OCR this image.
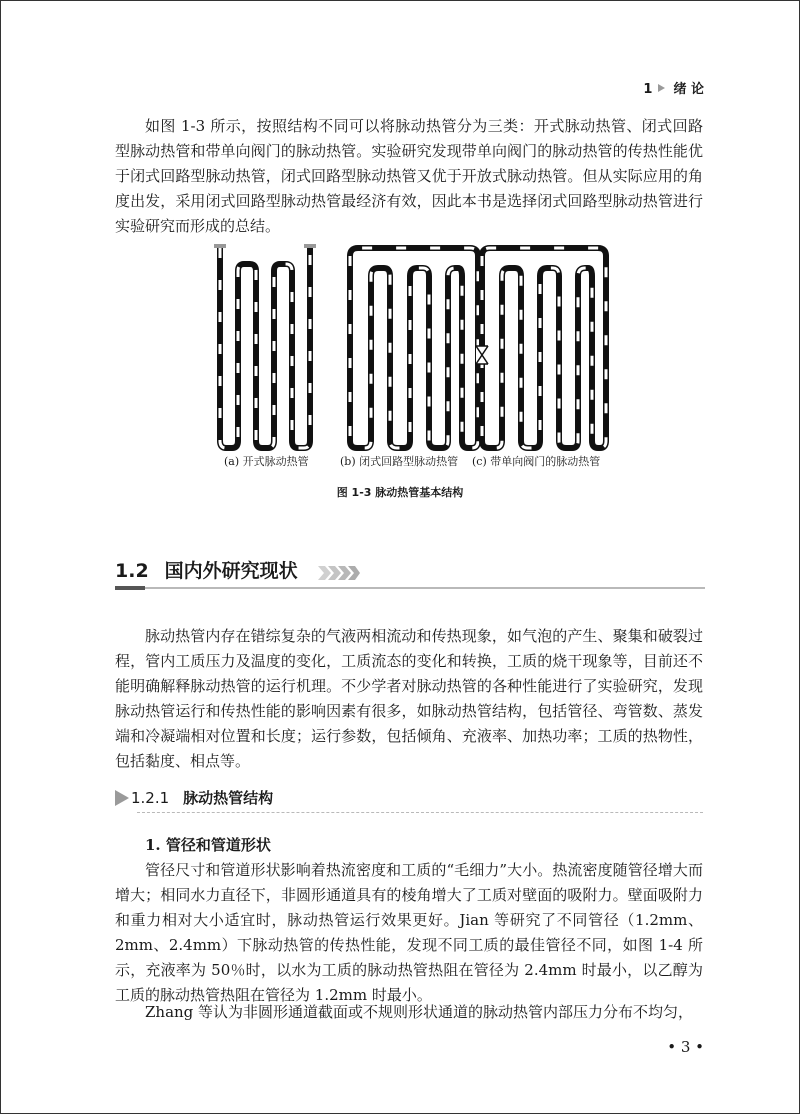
1 绪 论

如图 1-3 所示，按照结构不同可以将脉动热管分为三类：开式脉动热管、闭式回路型脉动热管和带单向阀门的脉动热管。实验研究发现带单向阀门的脉动热管的传热性能优于闭式回路型脉动热管，闭式回路型脉动热管又优于开放式脉动热管。但从实际应用的角度出发，采用闭式回路型脉动热管最经济有效，因此本书是选择闭式回路型脉动热管进行实验研究而形成的总结。

(a) 开式脉动热管	(b) 闭式回路型脉动热管 (c) 带单向阀门的脉动热管
图 1-3 脉动热管基本结构
1.2 国内外研究现状

脉动热管内存在错综复杂的气液两相流动和传热现象，如气泡的产生、聚集和破裂过程，管内工质压力及温度的变化，工质流态的变化和转换，工质的烧干现象等，目前还不能明确解释脉动热管的运行机理。不少学者对脉动热管的各种性能进行了实验研究，发现脉动热管运行和传热性能的影响因素有很多，如脉动热管结构，包括管径、弯管数、蒸发端和冷凝端相对位置和长度；运行参数，包括倾角、充液率、加热功率；工质的热物性，包括黏度、相点等。

1.2.1 脉动热管结构
1. 管径和管道形状

管径尺寸和管道形状影响着热流密度和工质的“毛细力”大小。热流密度随管径增大而增大；相同水力直径下，非圆形通道具有的棱角增大了工质对壁面的吸附力。壁面吸附力和重力相对大小适宜时，脉动热管运行效果更好。Jian 等研究了不同管径（1.2mm、2mm、2.4mm）下脉动热管的传热性能，发现不同工质的最佳管径不同，如图 1-4 所示，充液率为 50％时，以水为工质的脉动热管热阻在管径为 2.4mm 时最小，以乙醇为工质的脉动热管热阻在管径为 1.2mm 时最小。

Zhang 等认为非圆形通道截面或不规则形状通道的脉动热管内部压力分布不均匀，

• 3 •
